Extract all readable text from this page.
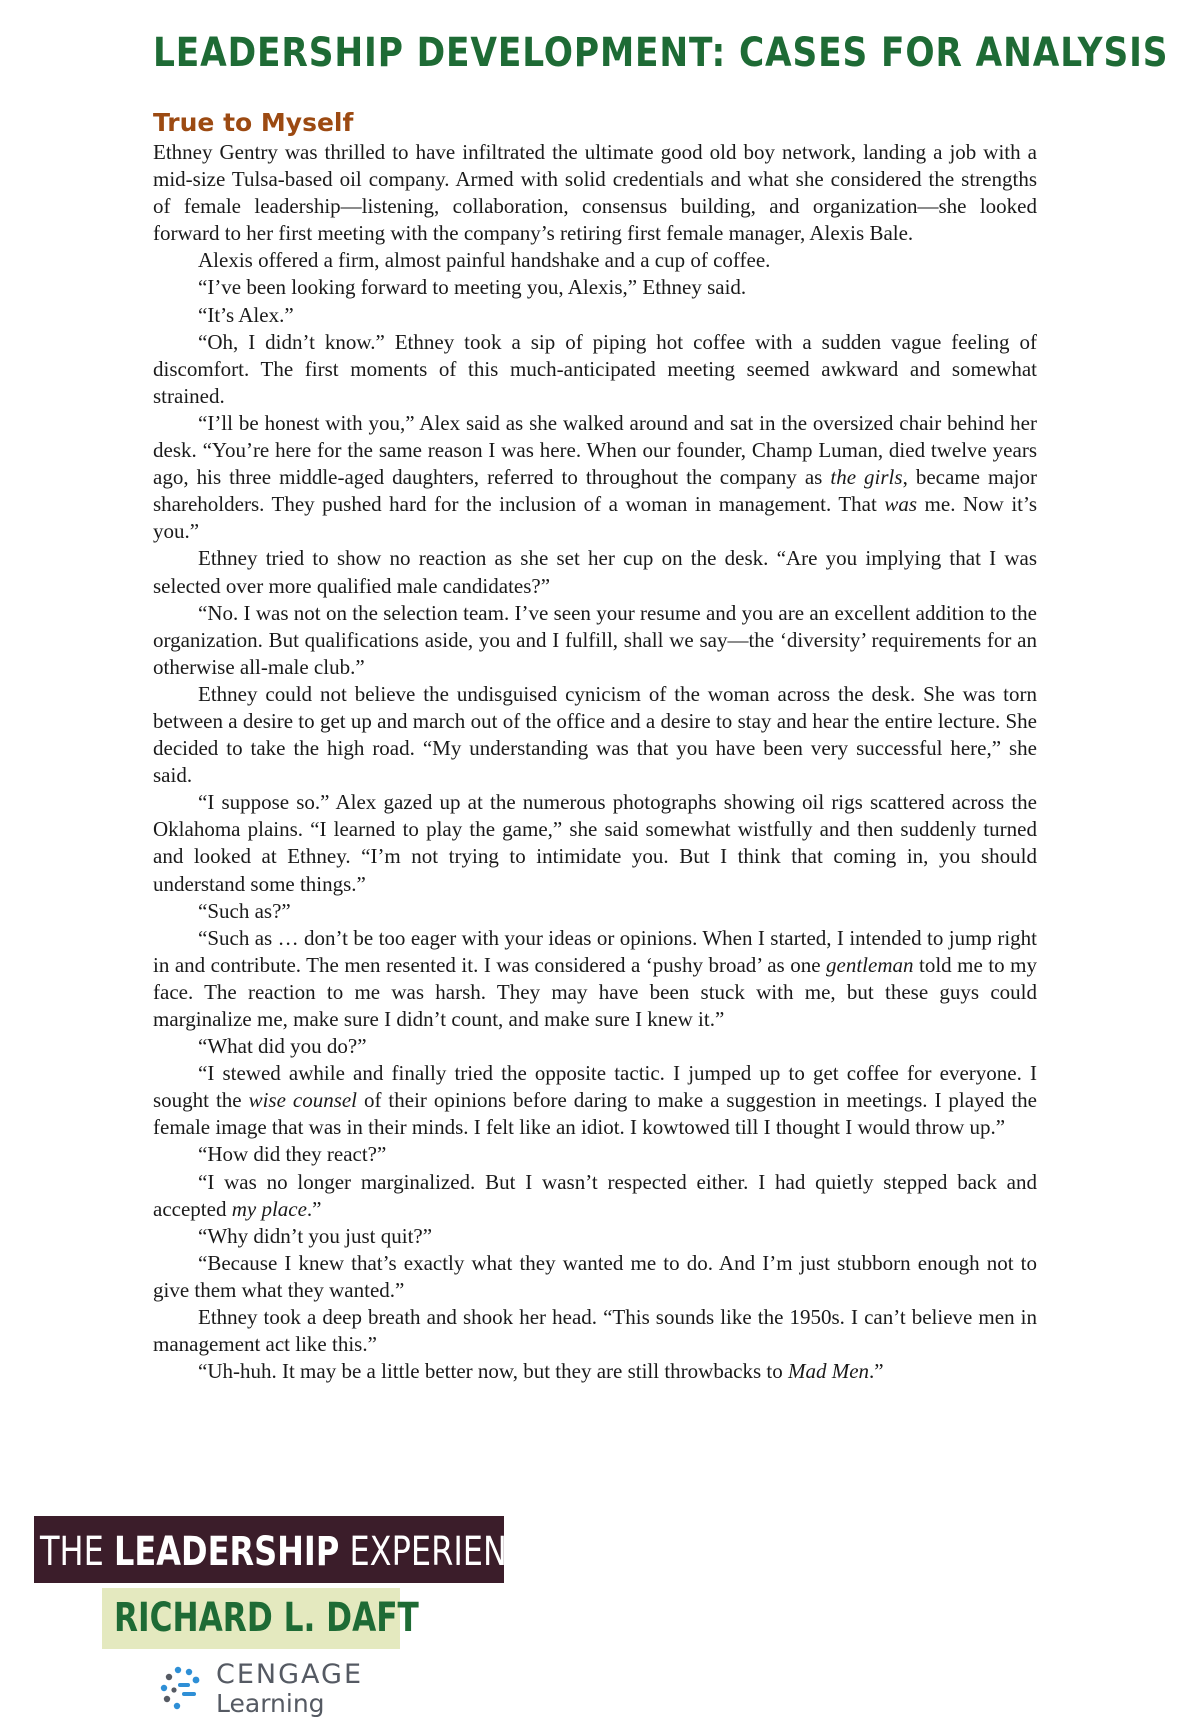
LEADERSHIP DEVELOPMENT: CASES FOR ANALYSIS
True to Myself

Ethney Gentry was thrilled to have infiltrated the ultimate good old boy network, landing a job with a mid-size Tulsa-based oil company. Armed with solid credentials and what she considered the strengths of female leadership—listening, collaboration, consensus building, and organization—she looked forward to her first meeting with the company’s retiring first female manager, Alexis Bale.

Alexis offered a firm, almost painful handshake and a cup of coffee.

“I’ve been looking forward to meeting you, Alexis,” Ethney said.

“It’s Alex.”

“Oh, I didn’t know.” Ethney took a sip of piping hot coffee with a sudden vague feeling of discomfort. The first moments of this much-anticipated meeting seemed awkward and somewhat strained.

“I’ll be honest with you,” Alex said as she walked around and sat in the oversized chair behind her desk. “You’re here for the same reason I was here. When our founder, Champ Luman, died twelve years ago, his three middle-aged daughters, referred to throughout the company as the girls, became major shareholders. They pushed hard for the inclusion of a woman in management. That was me. Now it’s you.”

Ethney tried to show no reaction as she set her cup on the desk. “Are you implying that I was selected over more qualified male candidates?”

“No. I was not on the selection team. I’ve seen your resume and you are an excellent addition to the organization. But qualifications aside, you and I fulfill, shall we say—the ‘diversity’ requirements for an otherwise all-male club.”

Ethney could not believe the undisguised cynicism of the woman across the desk. She was torn between a desire to get up and march out of the office and a desire to stay and hear the entire lecture. She decided to take the high road. “My understanding was that you have been very successful here,” she said.

“I suppose so.” Alex gazed up at the numerous photographs showing oil rigs scattered across the Oklahoma plains. “I learned to play the game,” she said somewhat wistfully and then suddenly turned and looked at Ethney. “I’m not trying to intimidate you. But I think that coming in, you should understand some things.”

“Such as?”

“Such as … don’t be too eager with your ideas or opinions. When I started, I intended to jump right in and contribute. The men resented it. I was considered a ‘pushy broad’ as one gentleman told me to my face. The reaction to me was harsh. They may have been stuck with me, but these guys could marginalize me, make sure I didn’t count, and make sure I knew it.”

“What did you do?”

“I stewed awhile and finally tried the opposite tactic. I jumped up to get coffee for everyone. I sought the wise counsel of their opinions before daring to make a suggestion in meetings. I played the female image that was in their minds. I felt like an idiot. I kowtowed till I thought I would throw up.”

“How did they react?”

“I was no longer marginalized. But I wasn’t respected either. I had quietly stepped back and accepted my place.”

“Why didn’t you just quit?”

“Because I knew that’s exactly what they wanted me to do. And I’m just stubborn enough not to give them what they wanted.”

Ethney took a deep breath and shook her head. “This sounds like the 1950s. I can’t believe men in management act like this.”

“Uh-huh. It may be a little better now, but they are still throwbacks to Mad Men.”

THE LEADERSHIP EXPERIENCE
RICHARD L. DAFT
CENGAGE
Learning
